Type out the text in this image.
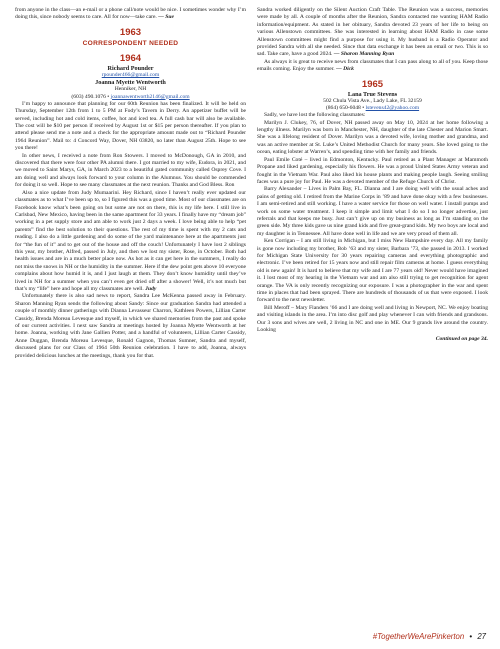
from anyone in the class—an e-mail or a phone call/note would be nice. I sometimes wonder why I’m doing this, since nobody seems to care. All for now—take care. — Sue

1963
CORRESPONDENT NEEDED
1964
Richard Pounder
rpounder466@gmail.com
Joanna Myette Wentworth
Henniker, NH
(603) 490.1076 • joannawentworth2146@gmail.com

I’m happy to announce that planning for our 60th Reunion has been finalized. It will be held on Thursday, September 12th from 1 to 5 PM at Fody’s Tavern in Derry. An appetizer buffet will be served, including hot and cold items, coffee, hot and iced tea. A full cash bar will also be available. The cost will be $10 per person if received by August 1st or $15 per person thereafter. If you plan to attend please send me a note and a check for the appropriate amount made out to “Richard Pounder 1964 Reunion”. Mail to: 4 Concord Way, Dover, NH 03820, no later than August 25th. Hope to see you there!

In other news, I received a note from Ron Stowers. I moved to McDonough, GA in 2010, and discovered that there were four other PA alumni there. I got married to my wife, Eudora, in 2021, and we moved to Saint Marys, GA, in March 2023 to a beautiful gated community called Osprey Cove. I am doing well and always look forward to your column in the Alumnus. You should be commended for doing it so well. Hope to see many classmates at the next reunion. Thanks and God Bless. Ron

Also a nice update from Judy Mumaarini. Hey Richard, since I haven’t really ever updated our classmates as to what I’ve been up to, so I figured this was a good time. Most of our classmates are on Facebook know what’s been going on but some are not on there, this is my life here. I still live in Carlsbad, New Mexico, having been in the same apartment for 33 years. I finally have my “dream job” working in a pet supply store and am able to work just 2 days a week. I love being able to help “pet parents” find the best solution to their questions. The rest of my time is spent with my 2 cats and reading. I also do a little gardening and do some of the yard maintenance here at the apartments just for “the fun of it” and to get out of the house and off the couch! Unfortunately I have lost 2 siblings this year, my brother, Alfred, passed in July, and then we lost my sister, Rose, in October. Both had health issues and are in a much better place now. As hot as it can get here in the summers, I really do not miss the snows in NH or the humidity in the summer. Here if the dew point gets above 10 everyone complains about how humid it is, and I just laugh at them. They don’t know humidity until they’ve lived in NH for a summer when you can’t even get dried off after a shower! Well, it’s not much but that’s my “life” here and hope all my classmates are well. Judy

Unfortunately there is also sad news to report, Sandra Lee McKenna passed away in February. Sharon Manning Ryan sends the following about Sandy: Since our graduation Sandra had attended a couple of monthly dinner gatherings with Dianna Levasseur Charron, Kathleen Powers, Lillian Carter Cassidy, Brenda Moreau Levesque and myself, in which we shared memories from the past and spoke of our current activities. I next saw Sandra at meetings hosted by Joanna Myette Wentworth at her home. Joanna, working with Jane Gallien Potter, and a handful of volunteers, Lillian Carter Cassidy, Anne Duggan, Brenda Moreau Levesque, Ronald Gagnon, Thomas Sumner, Sandra and myself, discussed plans for our Class of 1964 50th Reunion celebration. I have to add, Joanna, always provided delicious lunches at the meetings, thank you for that.

Sandra worked diligently on the Silent Auction Craft Table. The Reunion was a success, memories were made by all. A couple of months after the Reunion, Sandra contacted me wanting HAM Radio information/equipment. As stated in her obituary, Sandra devoted 23 years of her life to being on various Allenstown committees. She was interested in learning about HAM Radio in case some Allenstown committees might find a purpose for using it. My husband is a Radio Operator and provided Sandra with all she needed. Since that data exchange it has been an email or two. This is so sad. Take care, have a good 2024. — Sharon Manning Ryan

As always it is great to receive news from classmates that I can pass along to all of you. Keep those emails coming. Enjoy the summer. — Dick

1965
Lana True Stevens
502 Chula Vista Ave., Lady Lake, FL 32159
(864) 650-6048 • lstevens42@yahoo.com

Sadly, we have lost the following classmates:

Marilyn J. Clukey, 76, of Dover, NH passed away on May 10, 2024 at her home following a lengthy illness. Marilyn was born in Manchester, NH, daughter of the late Chester and Marion Smart. She was a lifelong resident of Dover. Marilyn was a devoted wife, loving mother and grandma, and was an active member at St. Luke’s United Methodist Church for many years. She loved going to the ocean, eating lobster at Warren’s, and spending time with her family and friends.

Paul Emile Coté – lived in Edmonton, Kentucky. Paul retired as a Plant Manager at Mammoth Propane and liked gardening, especially his flowers. He was a proud United States Army veteran and fought in the Vietnam War. Paul also liked his house plants and making people laugh. Seeing smiling faces was a pure joy for Paul. He was a devoted member of the Refuge Church of Christ.

Barry Alexander – Lives in Palm Bay, FL. Dianna and I are doing well with the usual aches and pains of getting old. I retired from the Marine Corps in ’89 and have done okay with a few businesses. I am semi-retired and still working. I have a water service for those on well water. I install pumps and work on some water treatment. I keep it simple and limit what I do so I no longer advertise, just referrals and that keeps me busy. Just can’t give up on my business as long as I’m standing on the green side. My three kids gave us nine grand kids and five great-grand kids. My two boys are local and my daughter is in Tennessee. All have done well in life and we are very proud of them all.

Ken Corrigan – I am still living in Michigan, but I miss New Hampshire every day. All my family is gone now including my brother, Bob ’63 and my sister, Barbara ’73, she passed in 2013. I worked for Michigan State University for 30 years repairing cameras and everything photographic and electronic. I’ve been retired for 15 years now and still repair film cameras at home. I guess everything old is new again! It is hard to believe that my wife and I are 77 years old! Never would have imagined it. I lost most of my hearing in the Vietnam war and am also still trying to get recognition for agent orange. The VA is only recently recognizing our exposure. I was a photographer in the war and spent time in places that had been sprayed. There are hundreds of thousands of us that were exposed. I look forward to the next newsletter.

Bill Meroff – Mary Flanders ’66 and I are doing well and living in Newport, NC. We enjoy boating and visiting islands in the area. I’m into disc golf and play whenever I can with friends and grandsons. Our 3 sons and wives are well, 2 living in NC and one in ME. Our 9 grands live around the country. Looking

Continued on page 34.
#TogetherWeArePinkerton • 27
